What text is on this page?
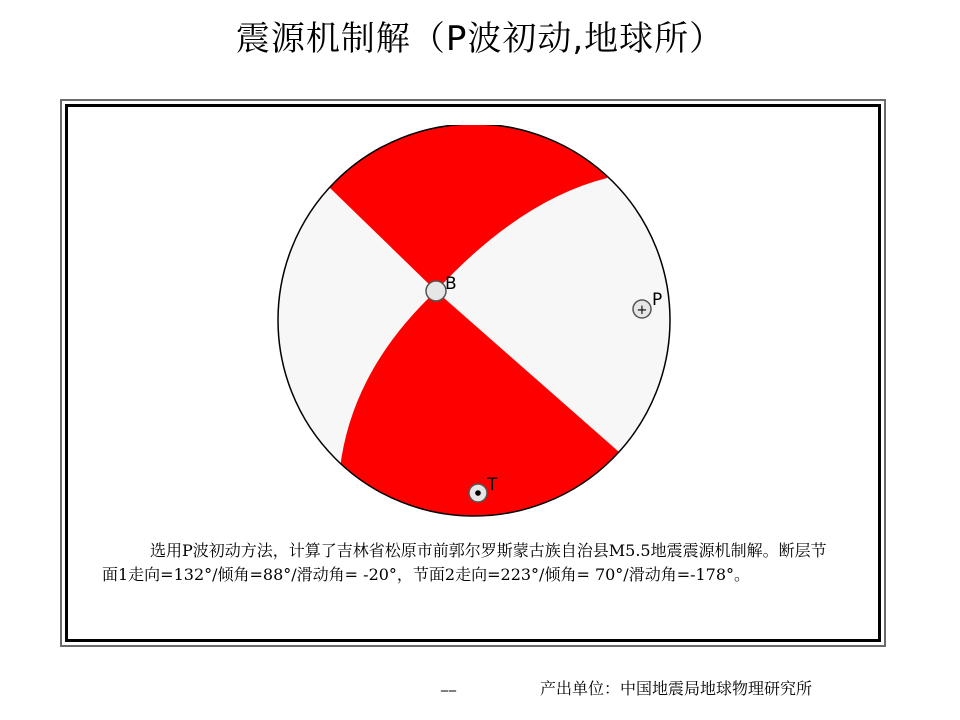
震源机制解（P波初动,地球所）
B
+
P
T
选用P波初动方法，计算了吉林省松原市前郭尔罗斯蒙古族自治县M5.5地震震源机制解。断层节面1走向=132°/倾角=88°/滑动角= -20°，节面2走向=223°/倾角= 70°/滑动角=-178°。
__	产出单位：中国地震局地球物理研究所
